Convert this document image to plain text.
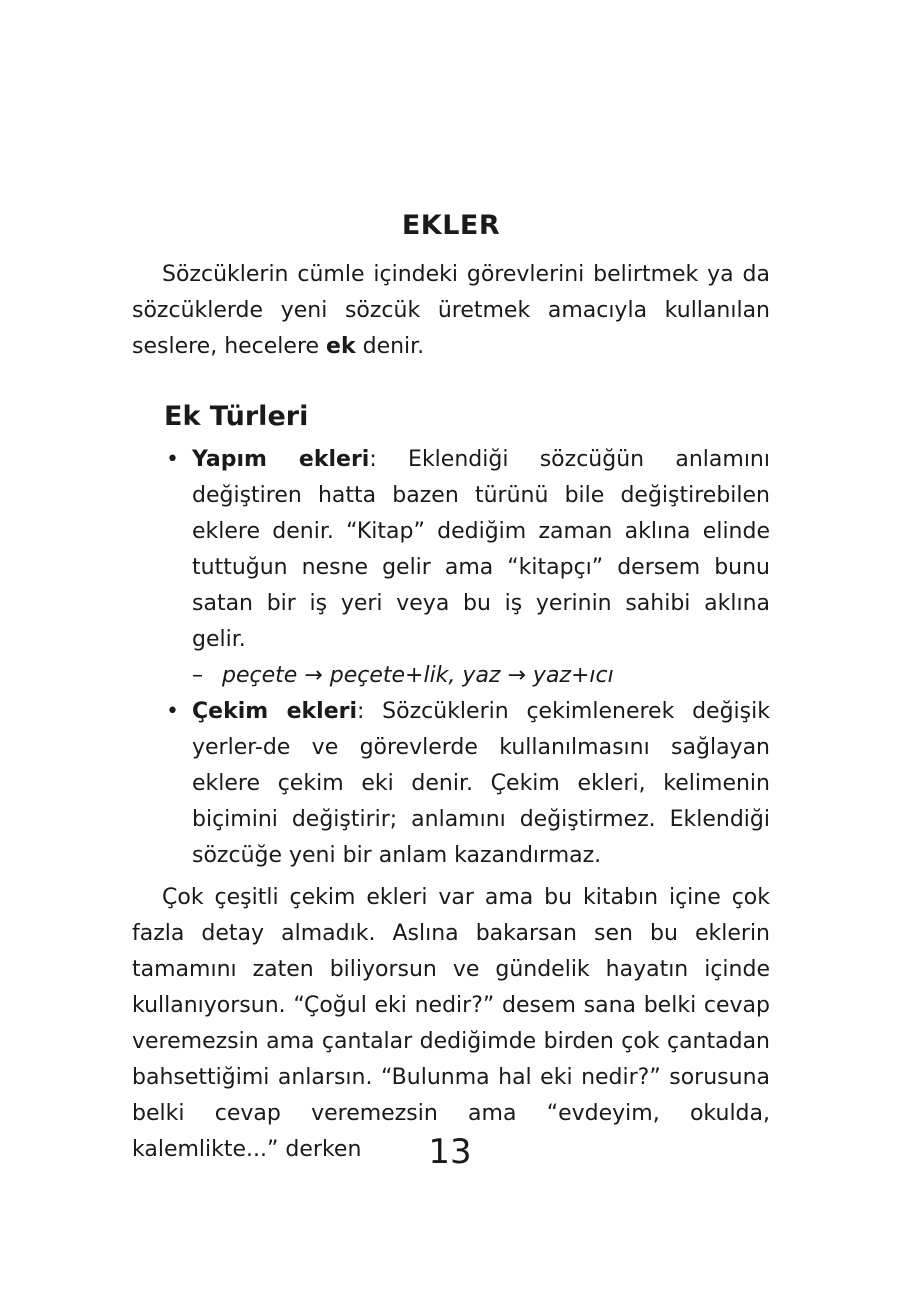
EKLER

Sözcüklerin cümle içindeki görevlerini belirtmek ya da sözcüklerde yeni sözcük üretmek amacıyla kullanılan seslere, hecelere ek denir.

Ek Türleri
• Yapım ekleri: Eklendiği sözcüğün anlamını değiştiren hatta bazen türünü bile değiştirebilen eklere denir. “Kitap” dediğim zaman aklına elinde tuttuğun nesne gelir ama “kitapçı” dersem bunu satan bir iş yeri veya bu iş yerinin sahibi aklına gelir.
– peçete → peçete+lik, yaz → yaz+ıcı
• Çekim ekleri: Sözcüklerin çekimlenerek değişik yerler-de ve görevlerde kullanılmasını sağlayan eklere çekim eki denir. Çekim ekleri, kelimenin biçimini değiştirir; anlamını değiştirmez. Eklendiği sözcüğe yeni bir anlam kazandırmaz.

Çok çeşitli çekim ekleri var ama bu kitabın içine çok fazla detay almadık. Aslına bakarsan sen bu eklerin tamamını zaten biliyorsun ve gündelik hayatın içinde kullanıyorsun. “Çoğul eki nedir?” desem sana belki cevap veremezsin ama çantalar dediğimde birden çok çantadan bahsettiğimi anlarsın. “Bulunma hal eki nedir?” sorusuna belki cevap veremezsin ama “evdeyim, okulda, kalemlikte...” derken	13
